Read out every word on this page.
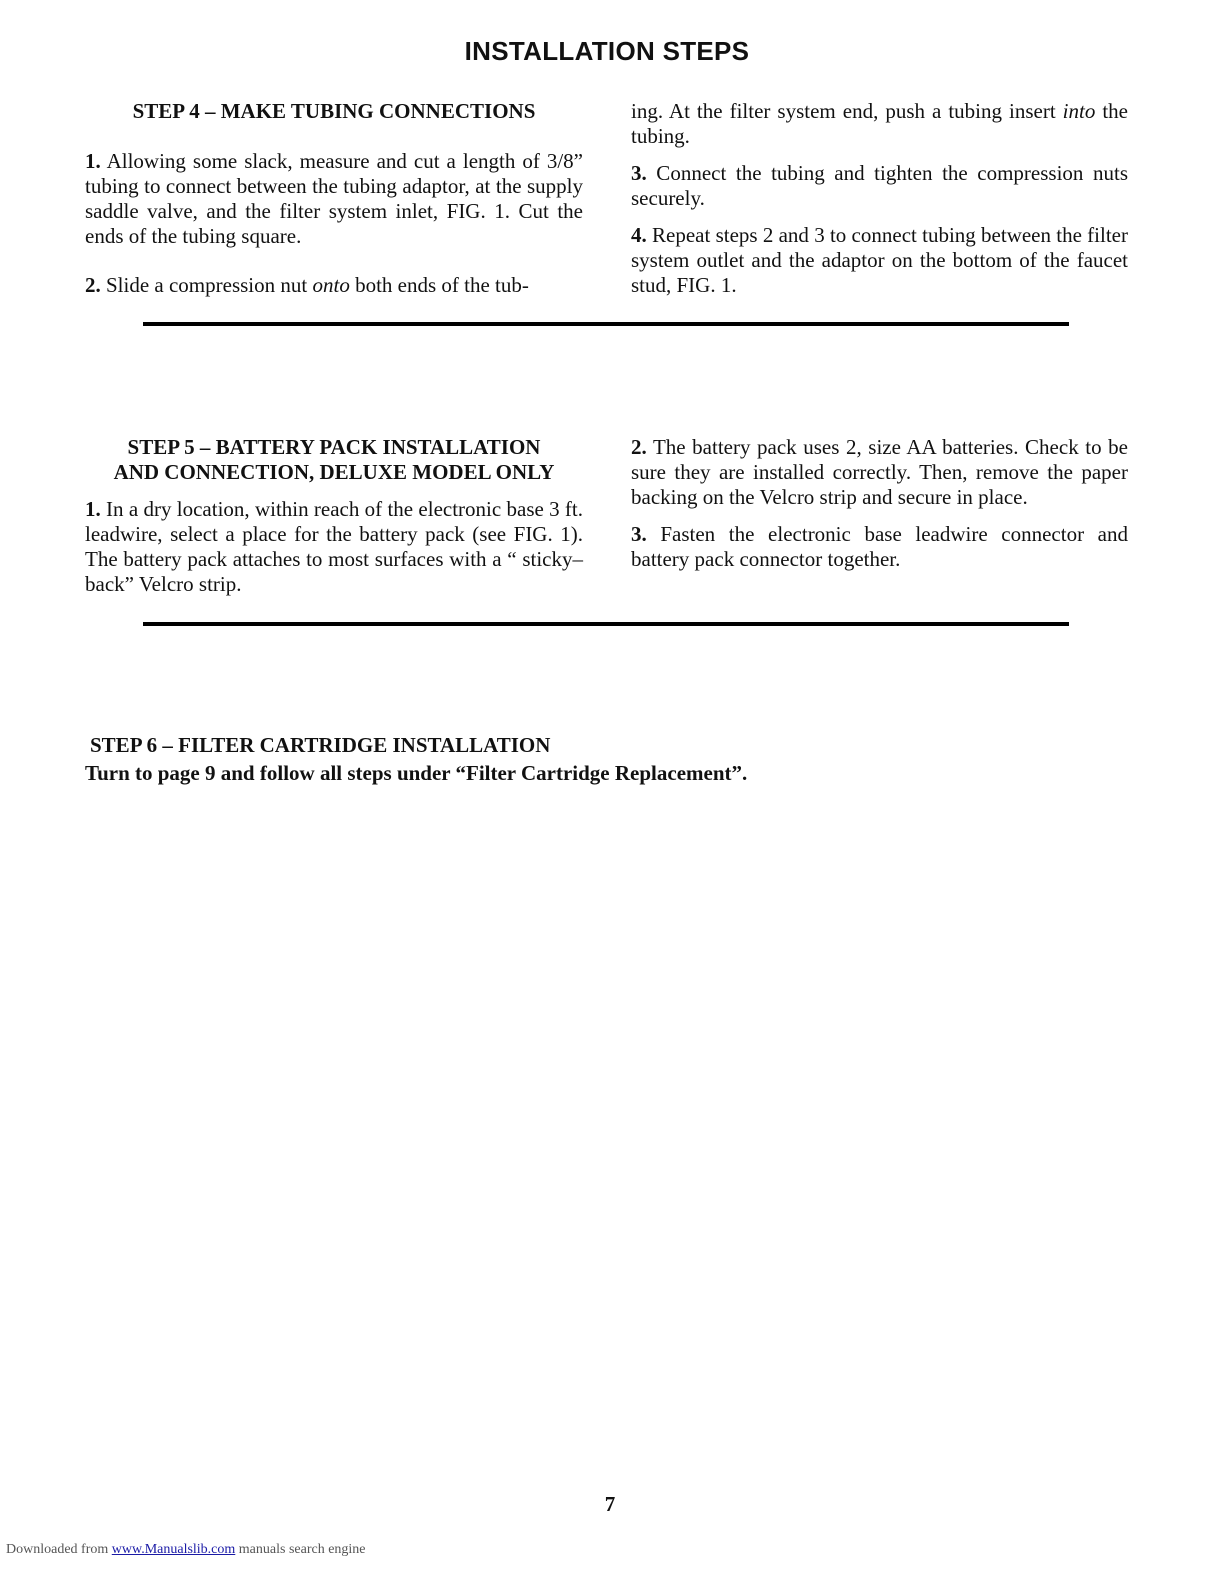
INSTALLATION STEPS
STEP 4 – MAKE TUBING CONNECTIONS

1. Allowing some slack, measure and cut a length of 3/8” tubing to connect between the tubing adaptor, at the supply saddle valve, and the filter system inlet, FIG. 1. Cut the ends of the tubing square.

2. Slide a compression nut onto both ends of the tub-

ing. At the filter system end, push a tubing insert into the tubing.

3. Connect the tubing and tighten the compression nuts securely.

4. Repeat steps 2 and 3 to connect tubing between the filter system outlet and the adaptor on the bottom of the faucet stud, FIG. 1.

STEP 5 – BATTERY PACK INSTALLATION
AND CONNECTION, DELUXE MODEL ONLY

1. In a dry location, within reach of the electronic base 3 ft. leadwire, select a place for the battery pack (see FIG. 1). The battery pack attaches to most surfaces with a “ sticky–back” Velcro strip.

2. The battery pack uses 2, size AA batteries. Check to be sure they are installed correctly. Then, remove the paper backing on the Velcro strip and secure in place.

3. Fasten the electronic base leadwire connector and battery pack connector together.

STEP 6 – FILTER CARTRIDGE INSTALLATION
Turn to page 9 and follow all steps under “Filter Cartridge Replacement”.
7
Downloaded from www.Manualslib.com manuals search engine
